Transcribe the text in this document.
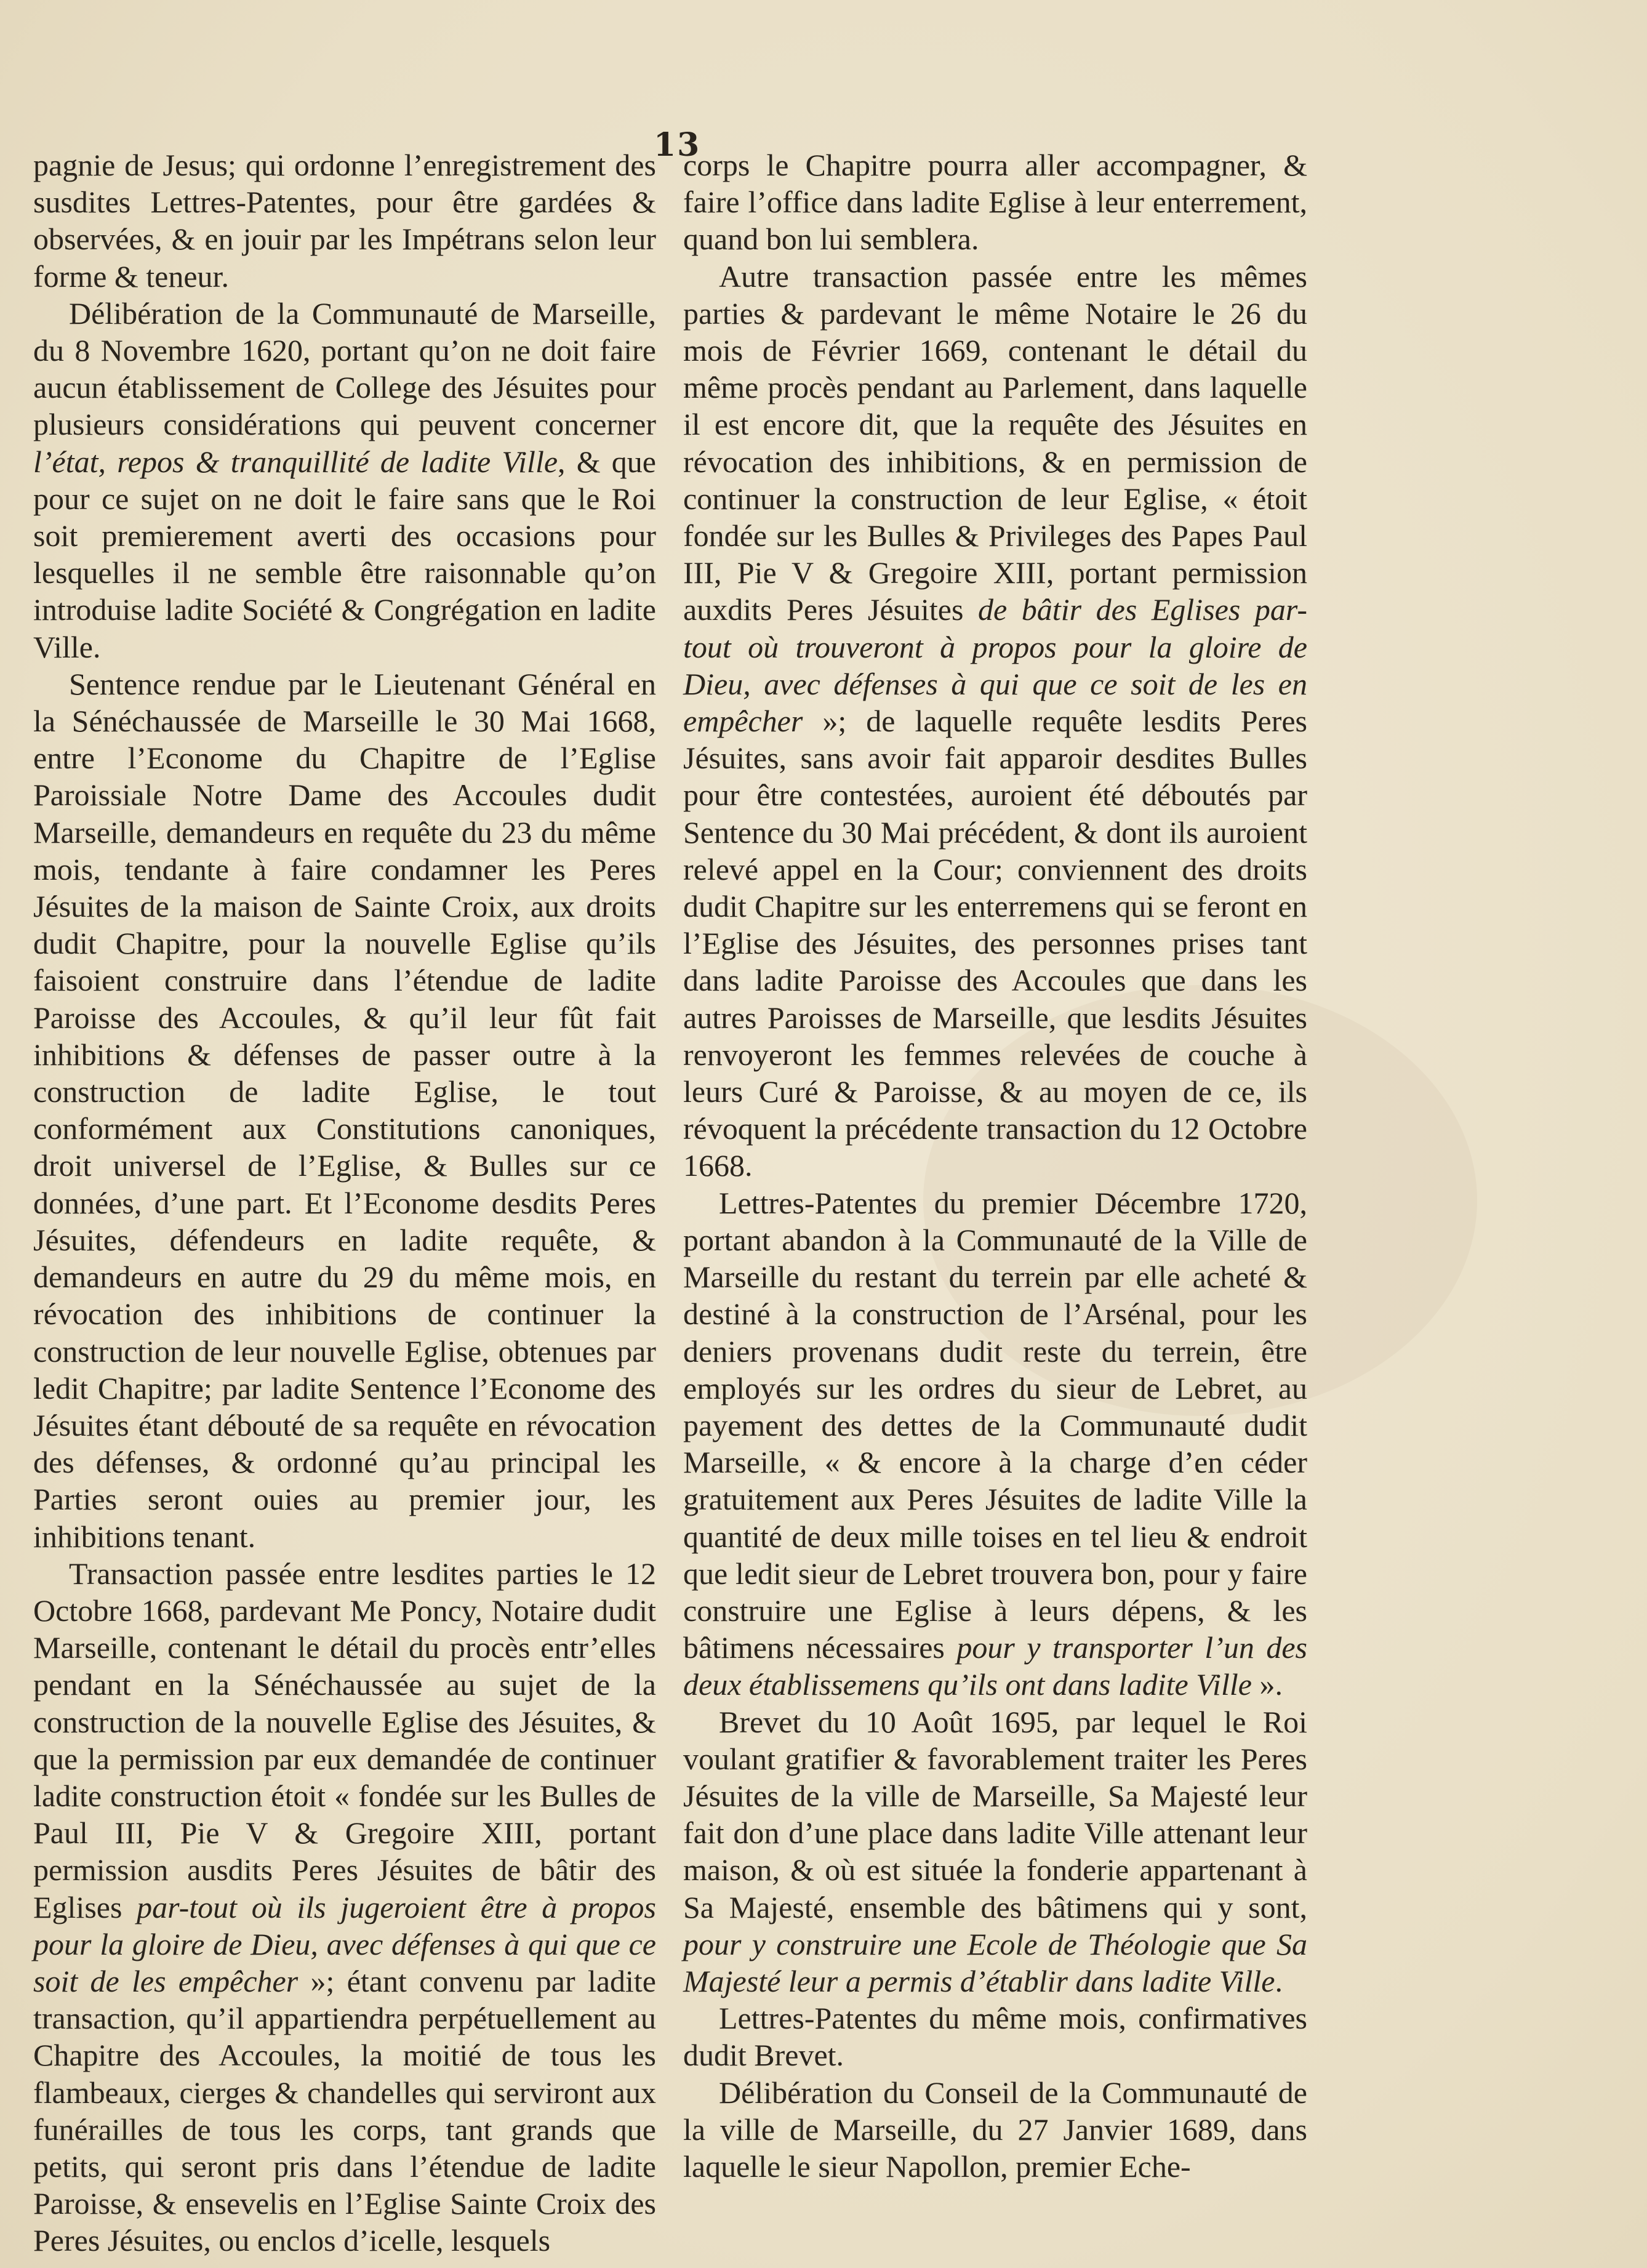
13

pagnie de Jesus; qui ordonne l’enregistrement des susdites Lettres-Patentes, pour être gardées & observées, & en jouir par les Impétrans selon leur forme & teneur.

Délibération de la Communauté de Marseille, du 8 Novembre 1620, portant qu’on ne doit faire aucun établissement de College des Jésuites pour plusieurs considérations qui peuvent concerner l’état, repos & tranquillité de ladite Ville, & que pour ce sujet on ne doit le faire sans que le Roi soit premierement averti des occasions pour lesquelles il ne semble être raisonnable qu’on introduise ladite Société & Congrégation en ladite Ville.

Sentence rendue par le Lieutenant Général en la Sénéchaussée de Marseille le 30 Mai 1668, entre l’Econome du Chapitre de l’Eglise Paroissiale Notre Dame des Accoules dudit Marseille, demandeurs en requête du 23 du même mois, tendante à faire condamner les Peres Jésuites de la maison de Sainte Croix, aux droits dudit Chapitre, pour la nouvelle Eglise qu’ils faisoient construire dans l’étendue de ladite Paroisse des Accoules, & qu’il leur fût fait inhibitions & défenses de passer outre à la construction de ladite Eglise, le tout conformément aux Constitutions canoniques, droit universel de l’Eglise, & Bulles sur ce données, d’une part. Et l’Econome desdits Peres Jésuites, défendeurs en ladite requête, & demandeurs en autre du 29 du même mois, en révocation des inhibitions de continuer la construction de leur nouvelle Eglise, obtenues par ledit Chapitre; par ladite Sentence l’Econome des Jésuites étant débouté de sa requête en révocation des défenses, & ordonné qu’au principal les Parties seront ouies au premier jour, les inhibitions tenant.

Transaction passée entre lesdites parties le 12 Octobre 1668, pardevant Me Poncy, Notaire dudit Marseille, contenant le détail du procès entr’elles pendant en la Sénéchaussée au sujet de la construction de la nouvelle Eglise des Jésuites, & que la permission par eux demandée de continuer ladite construction étoit « fondée sur les Bulles de Paul III, Pie V & Gregoire XIII, portant permission ausdits Peres Jésuites de bâtir des Eglises par-tout où ils jugeroient être à propos pour la gloire de Dieu, avec défenses à qui que ce soit de les empêcher »; étant convenu par ladite transaction, qu’il appartiendra perpétuellement au Chapitre des Accoules, la moitié de tous les flambeaux, cierges & chandelles qui serviront aux funérailles de tous les corps, tant grands que petits, qui seront pris dans l’étendue de ladite Paroisse, & ensevelis en l’Eglise Sainte Croix des Peres Jésuites, ou enclos d’icelle, lesquels

corps le Chapitre pourra aller accompagner, & faire l’office dans ladite Eglise à leur enterrement, quand bon lui semblera.

Autre transaction passée entre les mêmes parties & pardevant le même Notaire le 26 du mois de Février 1669, contenant le détail du même procès pendant au Parlement, dans laquelle il est encore dit, que la requête des Jésuites en révocation des inhibitions, & en permission de continuer la construction de leur Eglise, « étoit fondée sur les Bulles & Privileges des Papes Paul III, Pie V & Gregoire XIII, portant permission auxdits Peres Jésuites de bâtir des Eglises par-tout où trouveront à propos pour la gloire de Dieu, avec défenses à qui que ce soit de les en empêcher »; de laquelle requête lesdits Peres Jésuites, sans avoir fait apparoir desdites Bulles pour être contestées, auroient été déboutés par Sentence du 30 Mai précédent, & dont ils auroient relevé appel en la Cour; conviennent des droits dudit Chapitre sur les enterremens qui se feront en l’Eglise des Jésuites, des personnes prises tant dans ladite Paroisse des Accoules que dans les autres Paroisses de Marseille, que lesdits Jésuites renvoyeront les femmes relevées de couche à leurs Curé & Paroisse, & au moyen de ce, ils révoquent la précédente transaction du 12 Octobre 1668.

Lettres-Patentes du premier Décembre 1720, portant abandon à la Communauté de la Ville de Marseille du restant du terrein par elle acheté & destiné à la construction de l’Arsénal, pour les deniers provenans dudit reste du terrein, être employés sur les ordres du sieur de Lebret, au payement des dettes de la Communauté dudit Marseille, « & encore à la charge d’en céder gratuitement aux Peres Jésuites de ladite Ville la quantité de deux mille toises en tel lieu & endroit que ledit sieur de Lebret trouvera bon, pour y faire construire une Eglise à leurs dépens, & les bâtimens nécessaires pour y transporter l’un des deux établissemens qu’ils ont dans ladite Ville ».

Brevet du 10 Août 1695, par lequel le Roi voulant gratifier & favorablement traiter les Peres Jésuites de la ville de Marseille, Sa Majesté leur fait don d’une place dans ladite Ville attenant leur maison, & où est située la fonderie appartenant à Sa Majesté, ensemble des bâtimens qui y sont, pour y construire une Ecole de Théologie que Sa Majesté leur a permis d’établir dans ladite Ville.

Lettres-Patentes du même mois, confirmatives dudit Brevet.

Délibération du Conseil de la Communauté de la ville de Marseille, du 27 Janvier 1689, dans laquelle le sieur Napollon, premier Eche-
